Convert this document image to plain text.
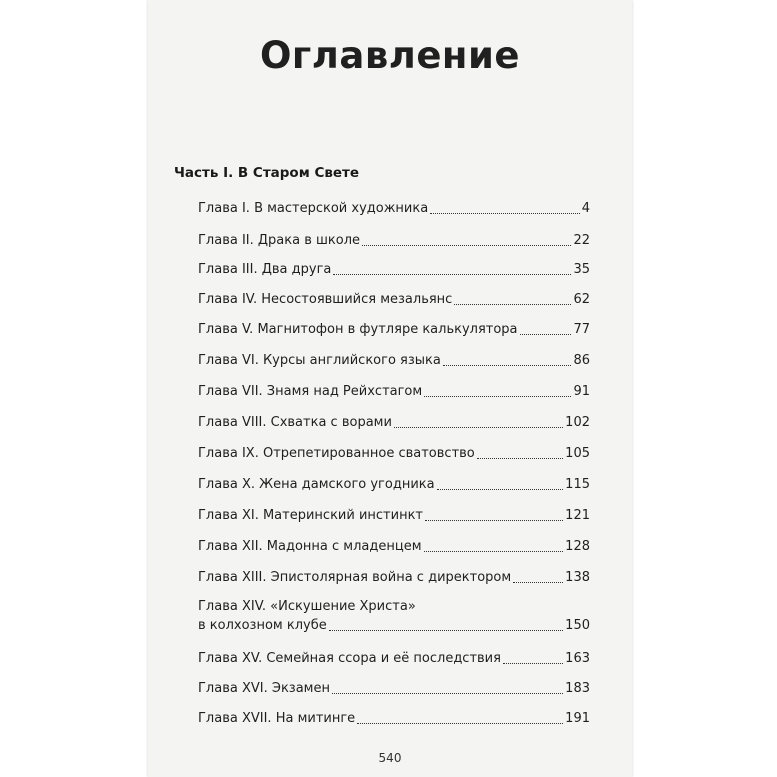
Оглавление
Часть I. В Старом Свете
Глава I. В мастерской художника	4
Глава II. Драка в школе	22
Глава III. Два друга	35
Глава IV. Несостоявшийся мезальянс	62
Глава V. Магнитофон в футляре калькулятора	77
Глава VI. Курсы английского языка	86
Глава VII. Знамя над Рейхстагом	91
Глава VIII. Схватка с ворами	102
Глава IX. Отрепетированное сватовство	105
Глава X. Жена дамского угодника	115
Глава XI. Материнский инстинкт	121
Глава XII. Мадонна с младенцем	128
Глава XIII. Эпистолярная война с директором	138
Глава XIV. «Искушение Христа»
в колхозном клубе	150
Глава XV. Семейная ссора и её последствия	163
Глава XVI. Экзамен	183
Глава XVII. На митинге	191
540
